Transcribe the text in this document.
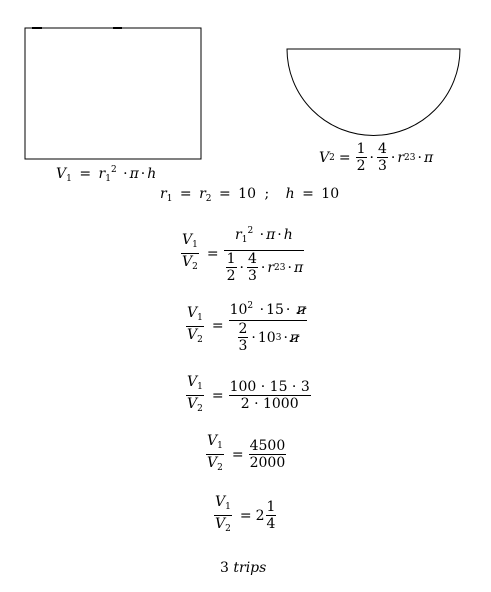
$V_1 = r_1^2 \cdot \pi \cdot h$
V $2 = \frac{1}{2} \cdot \frac{4}{3} \cdot r$ 2 3 · π
$r_1 = r_2 = 10$ ; h = 10
$\frac{V_1}{V_2} = \frac{r_1^2 \cdot \pi \cdot h}{\frac{1}{2} \cdot \frac{4}{3} \cdot r 2 3 \cdot \pi}$
$\frac{V_1}{V_2} = \frac{10^2 \cdot 15 \cdot \pi}{\frac{2}{3} \cdot 10 3 \cdot \pi}$
$\frac{V_1}{V_2} = \frac{100 \cdot 15 \cdot 3}{2 \cdot 1000}$
$\frac{V_1}{V_2} = \frac{4500}{2000}$
$\frac{V_1}{V_2} = 2 \frac{1}{4}$
3 trips
